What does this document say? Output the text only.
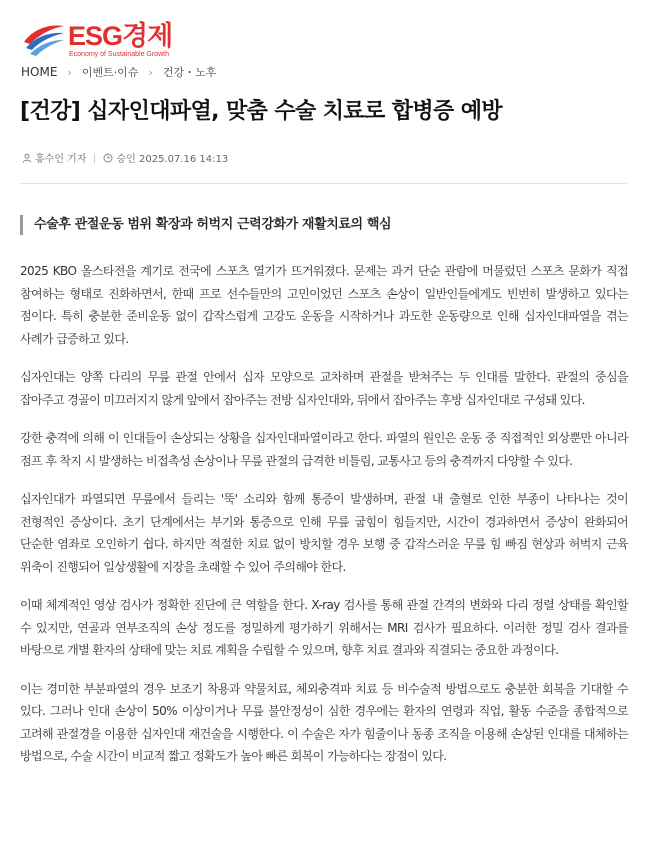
ESG경제
Economy of Sustainable Growth
HOME › 이벤트·이슈 › 건강・노후
[건강] 십자인대파열, 맞춤 수술 치료로 합병증 예방
홍수인 기자	승인 2025.07.16 14:13
수술후 관절운동 범위 확장과 허벅지 근력강화가 재활치료의 핵심

2025 KBO 올스타전을 계기로 전국에 스포츠 열기가 뜨거워졌다. 문제는 과거 단순 관람에 머물렀던 스포츠 문화가 직접 참여하는 형태로 진화하면서, 한때 프로 선수들만의 고민이었던 스포츠 손상이 일반인들에게도 빈번히 발생하고 있다는 점이다. 특히 충분한 준비운동 없이 갑작스럽게 고강도 운동을 시작하거나 과도한 운동량으로 인해 십자인대파열을 겪는 사례가 급증하고 있다.

십자인대는 양쪽 다리의 무릎 관절 안에서 십자 모양으로 교차하며 관절을 받쳐주는 두 인대를 말한다. 관절의 중심을 잡아주고 경골이 미끄러지지 않게 앞에서 잡아주는 전방 십자인대와, 뒤에서 잡아주는 후방 십자인대로 구성돼 있다.

강한 충격에 의해 이 인대들이 손상되는 상황을 십자인대파열이라고 한다. 파열의 원인은 운동 중 직접적인 외상뿐만 아니라 점프 후 착지 시 발생하는 비접촉성 손상이나 무릎 관절의 급격한 비틀림, 교통사고 등의 충격까지 다양할 수 있다.

십자인대가 파열되면 무릎에서 들리는 '뚝' 소리와 함께 통증이 발생하며, 관절 내 출혈로 인한 부종이 나타나는 것이 전형적인 증상이다. 초기 단계에서는 부기와 통증으로 인해 무릎 굽힘이 힘들지만, 시간이 경과하면서 증상이 완화되어 단순한 염좌로 오인하기 쉽다. 하지만 적절한 치료 없이 방치할 경우 보행 중 갑작스러운 무릎 힘 빠짐 현상과 허벅지 근육 위축이 진행되어 일상생활에 지장을 초래할 수 있어 주의해야 한다.

이때 체계적인 영상 검사가 정확한 진단에 큰 역할을 한다. X-ray 검사를 통해 관절 간격의 변화와 다리 정렬 상태를 확인할 수 있지만, 연골과 연부조직의 손상 정도를 정밀하게 평가하기 위해서는 MRI 검사가 필요하다. 이러한 정밀 검사 결과를 바탕으로 개별 환자의 상태에 맞는 치료 계획을 수립할 수 있으며, 향후 치료 결과와 직결되는 중요한 과정이다.

이는 경미한 부분파열의 경우 보조기 착용과 약물치료, 체외충격파 치료 등 비수술적 방법으로도 충분한 회복을 기대할 수 있다. 그러나 인대 손상이 50% 이상이거나 무릎 불안정성이 심한 경우에는 환자의 연령과 직업, 활동 수준을 종합적으로 고려해 관절경을 이용한 십자인대 재건술을 시행한다. 이 수술은 자가 힘줄이나 동종 조직을 이용해 손상된 인대를 대체하는 방법으로, 수술 시간이 비교적 짧고 정확도가 높아 빠른 회복이 가능하다는 장점이 있다.
